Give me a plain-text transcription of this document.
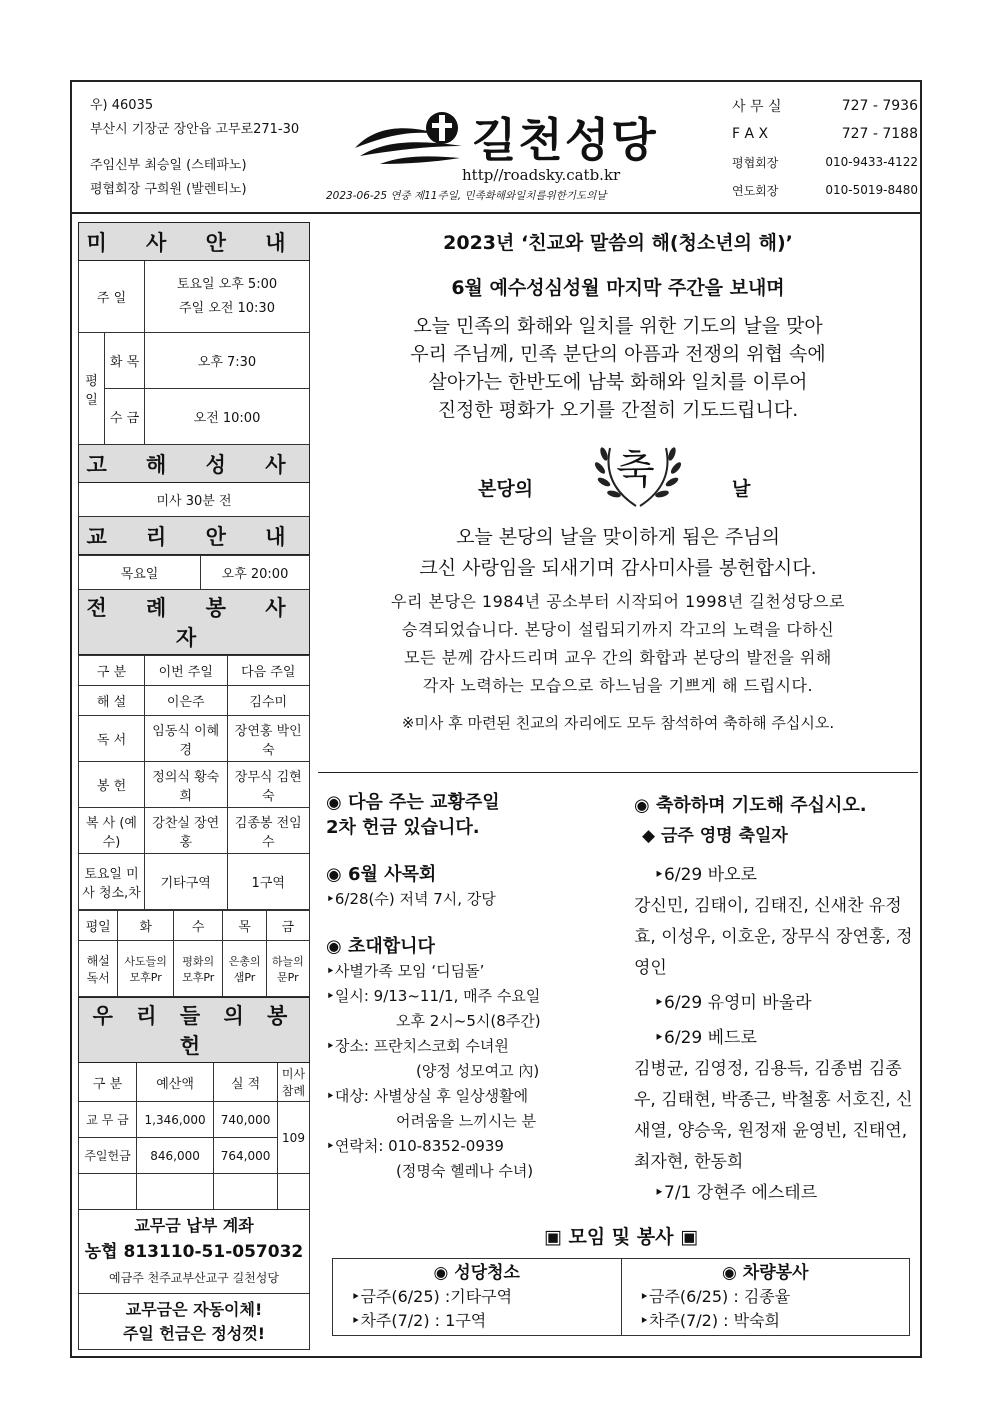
우) 46035
부산시 기장군 장안읍 고무로271-30
주임신부 최승일 (스테파노)
평협회장 구희원 (발렌티노)
길천성당
http//roadsky.catb.kr
2023-06-25 연중 제11주일, 민족화해와일치를위한기도의날
사 무 실	727 - 7936
F A X	727 - 7188
평협회장	010-9433-4122
연도회장	010-5019-8480
미 사 안 내		
주 일		토요일 오후 5:00
주일 오전 10:30

평 일	화 목	오후 7:30
	수 금	오전 10:00
고 해 성 사		
미사 30분 전		
교 리 안 내		
목요일	오후 20:00
전 례 봉 사 자
구 분	이번 주일	다음 주일
해 설	이은주	김수미
독 서	임동식 이혜경	장연홍 박인숙
봉 헌	정의식 황숙희	장무식 김현숙
복 사 (예수)	강찬실 장연홍	김종봉 전임수
토요일 미 사 청소,차	기타구역	1구역
평일	화	수	목	금
해설 독서	사도들의 모후Pr	평화의 모후Pr	은총의 샘Pr	하늘의 문Pr
우 리 들 의 봉 헌			
구 분	예산액	실 적	미사 참례
교 무 금	1,346,000	740,000	109
주일헌금	846,000	764,000	

교무금 납부 계좌
농협 813110-51-057032
예금주 천주교부산교구 길천성당			

교무금은 자동이체!
주일 헌금은 정성껏!			
2023년 ‘친교와 말씀의 해(청소년의 해)’
6월 예수성심성월 마지막 주간을 보내며
오늘 민족의 화해와 일치를 위한 기도의 날을 맞아
우리 주님께, 민족 분단의 아픔과 전쟁의 위협 속에
살아가는 한반도에 남북 화해와 일치를 이루어
진정한 평화가 오기를 간절히 기도드립니다.
본당의 축	날
오늘 본당의 날을 맞이하게 됨은 주님의
크신 사랑임을 되새기며 감사미사를 봉헌합시다.
우리 본당은 1984년 공소부터 시작되어 1998년 길천성당으로
승격되었습니다. 본당이 설립되기까지 각고의 노력을 다하신
모든 분께 감사드리며 교우 간의 화합과 본당의 발전을 위해
각자 노력하는 모습으로 하느님을 기쁘게 해 드립시다.
※미사 후 마련된 친교의 자리에도 모두 참석하여 축하해 주십시오.
◉ 다음 주는 교황주일
2차 헌금 있습니다.
◉ 6월 사목회
‣6/28(수) 저녁 7시, 강당
◉ 초대합니다
‣사별가족 모임 ‘디딤돌’
‣일시: 9/13~11/1, 매주 수요일
오후 2시~5시(8주간)
‣장소: 프란치스코회 수녀원
(양정 성모여고 內)
‣대상: 사별상실 후 일상생활에
어려움을 느끼시는 분
‣연락처: 010-8352-0939
(정명숙 헬레나 수녀)
◉ 축하하며 기도해 주십시오.
◆ 금주 영명 축일자
‣6/29 바오로
강신민, 김태이, 김태진, 신새찬 유정효, 이성우, 이호운, 장무식 장연홍, 정영인
‣6/29 유영미 바울라
‣6/29 베드로
김병균, 김영정, 김용득, 김종범 김종우, 김태현, 박종근, 박철홍 서호진, 신새열, 양승욱, 원정재 윤영빈, 진태연, 최자현, 한동희
‣7/1 강현주 에스테르
▣ 모임 및 봉사 ▣
◉ 성당청소
‣금주(6/25) :기타구역
‣차주(7/2) : 1구역
◉ 차량봉사
‣금주(6/25) : 김종율
‣차주(7/2) : 박숙희
